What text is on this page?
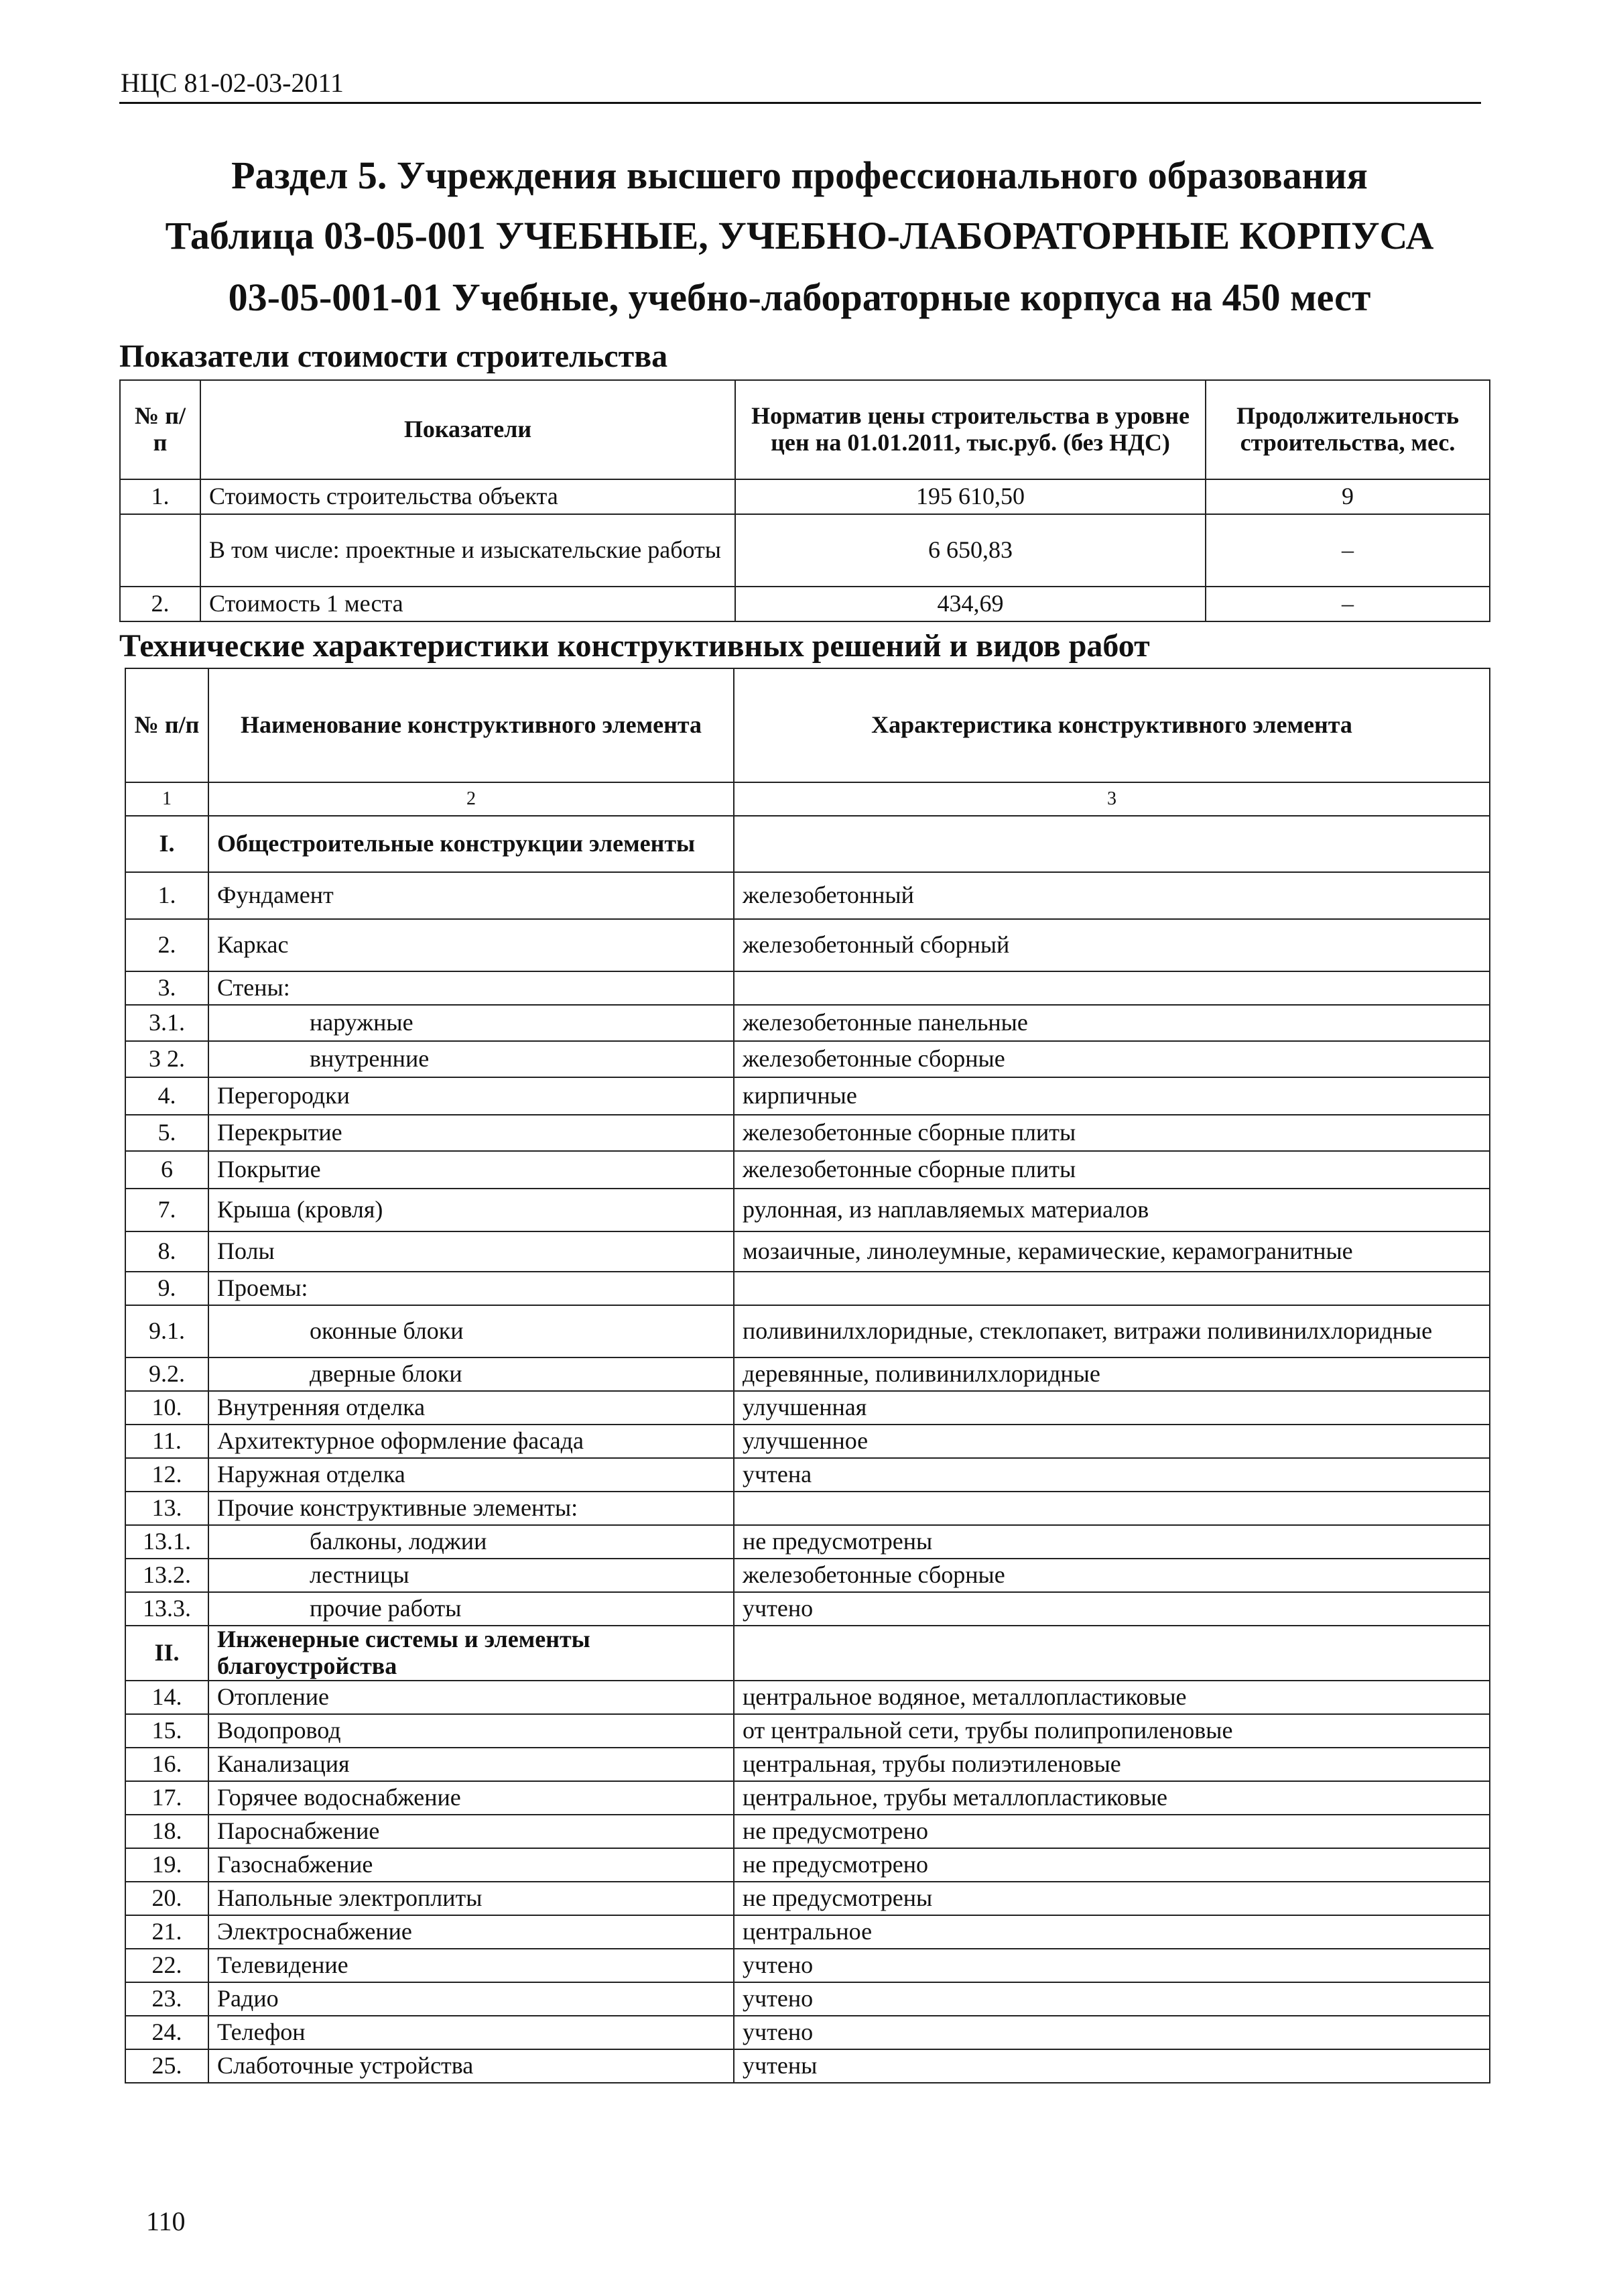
НЦС 81-02-03-2011
Раздел 5. Учреждения высшего профессионального образования
Таблица 03-05-001 УЧЕБНЫЕ, УЧЕБНО-ЛАБОРАТОРНЫЕ КОРПУСА
03-05-001-01 Учебные, учебно-лабораторные корпуса на 450 мест
Показатели стоимости строительства
№ п/п	Показатели	Норматив цены строительства в уровне цен на 01.01.2011, тыс.руб. (без НДС)	Продолжительность строительства, мес.
1.	Стоимость строительства объекта	195 610,50	9
	В том числе: проектные и изыскательские работы	6 650,83	–
2.	Стоимость 1 места	434,69	–
Технические характеристики конструктивных решений и видов работ
№ п/п	Наименование конструктивного элемента	Характеристика конструктивного элемента
1	2	3
I.	Общестроительные конструкции элементы	
1.	Фундамент	железобетонный
2.	Каркас	железобетонный сборный
3.	Стены:	
3.1.	наружные	железобетонные панельные
3 2.	внутренние	железобетонные сборные
4.	Перегородки	кирпичные
5.	Перекрытие	железобетонные сборные плиты
6	Покрытие	железобетонные сборные плиты
7.	Крыша (кровля)	рулонная, из наплавляемых материалов
8.	Полы	мозаичные, линолеумные, керамические, керамогранитные
9.	Проемы:	
9.1.	оконные блоки	поливинилхлоридные, стеклопакет, витражи поливинилхлоридные
9.2.	дверные блоки	деревянные, поливинилхлоридные
10.	Внутренняя отделка	улучшенная
11.	Архитектурное оформление фасада	улучшенное
12.	Наружная отделка	учтена
13.	Прочие конструктивные элементы:	
13.1.	балконы, лоджии	не предусмотрены
13.2.	лестницы	железобетонные сборные
13.3.	прочие работы	учтено
II.	Инженерные системы и элементы благоустройства	
14.	Отопление	центральное водяное, металлопластиковые
15.	Водопровод	от центральной сети, трубы полипропиленовые
16.	Канализация	центральная, трубы полиэтиленовые
17.	Горячее водоснабжение	центральное, трубы металлопластиковые
18.	Пароснабжение	не предусмотрено
19.	Газоснабжение	не предусмотрено
20.	Напольные электроплиты	не предусмотрены
21.	Электроснабжение	центральное
22.	Телевидение	учтено
23.	Радио	учтено
24.	Телефон	учтено
25.	Слаботочные устройства	учтены
110
